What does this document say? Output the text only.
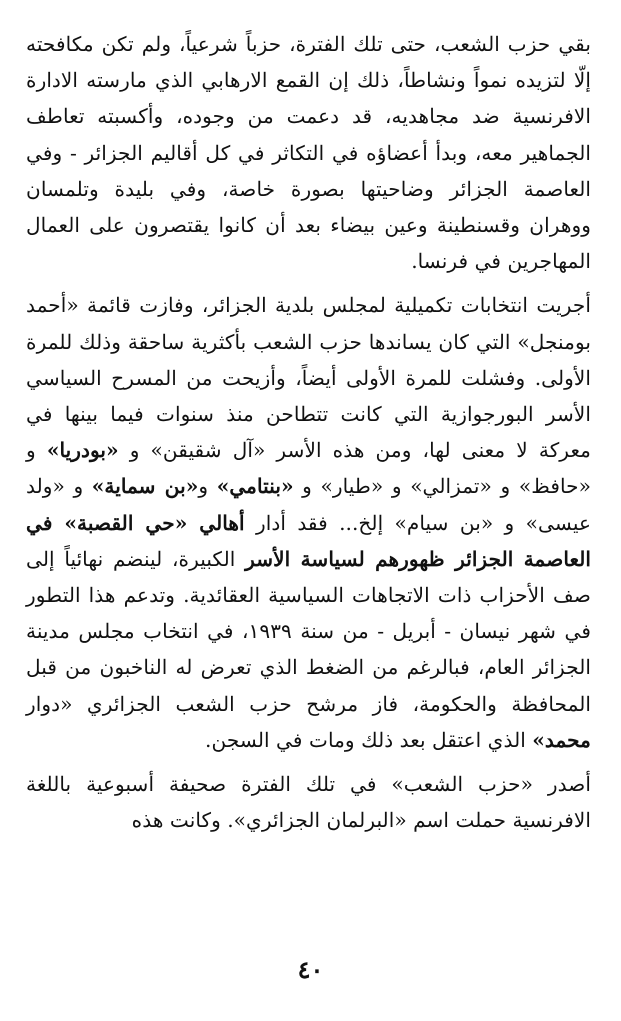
بقي حزب الشعب، حتى تلك الفترة، حزباً شرعياً، ولم تكن مكافحته إلّا لتزيده نمواً ونشاطاً، ذلك إن القمع الارهابي الذي مارسته الادارة الافرنسية ضد مجاهديه، قد دعمت من وجوده، وأكسبته تعاطف الجماهير معه، وبدأ أعضاؤه في التكاثر في كل أقاليم الجزائر - وفي العاصمة الجزائر وضاحيتها بصورة خاصة، وفي بليدة وتلمسان ووهران وقسنطينة وعين بيضاء بعد أن كانوا يقتصرون على العمال المهاجرين في فرنسا.

أجريت انتخابات تكميلية لمجلس بلدية الجزائر، وفازت قائمة «أحمد بومنجل» التي كان يساندها حزب الشعب بأكثرية ساحقة وذلك للمرة الأولى. وفشلت للمرة الأولى أيضاً، وأزيحت من المسرح السياسي الأسر البورجوازية التي كانت تتطاحن منذ سنوات فيما بينها في معركة لا معنى لها، ومن هذه الأسر «آل شقيقن» و «بودريا» و «حافظ» و «تمزالي» و «طيار» و «بنتامي» و«بن سماية» و «ولد عيسى» و «بن سيام» إلخ... فقد أدار أهالي «حي القصبة» في العاصمة الجزائر ظهورهم لسياسة الأسر الكبيرة، لينضم نهائياً إلى صف الأحزاب ذات الاتجاهات السياسية العقائدية. وتدعم هذا التطور في شهر نيسان - أبريل - من سنة ١٩٣٩، في انتخاب مجلس مدينة الجزائر العام، فبالرغم من الضغط الذي تعرض له الناخبون من قبل المحافظة والحكومة، فاز مرشح حزب الشعب الجزائري «دوار محمد» الذي اعتقل بعد ذلك ومات في السجن.

أصدر «حزب الشعب» في تلك الفترة صحيفة أسبوعية باللغة الافرنسية حملت اسم «البرلمان الجزائري». وكانت هذه

٤٠
